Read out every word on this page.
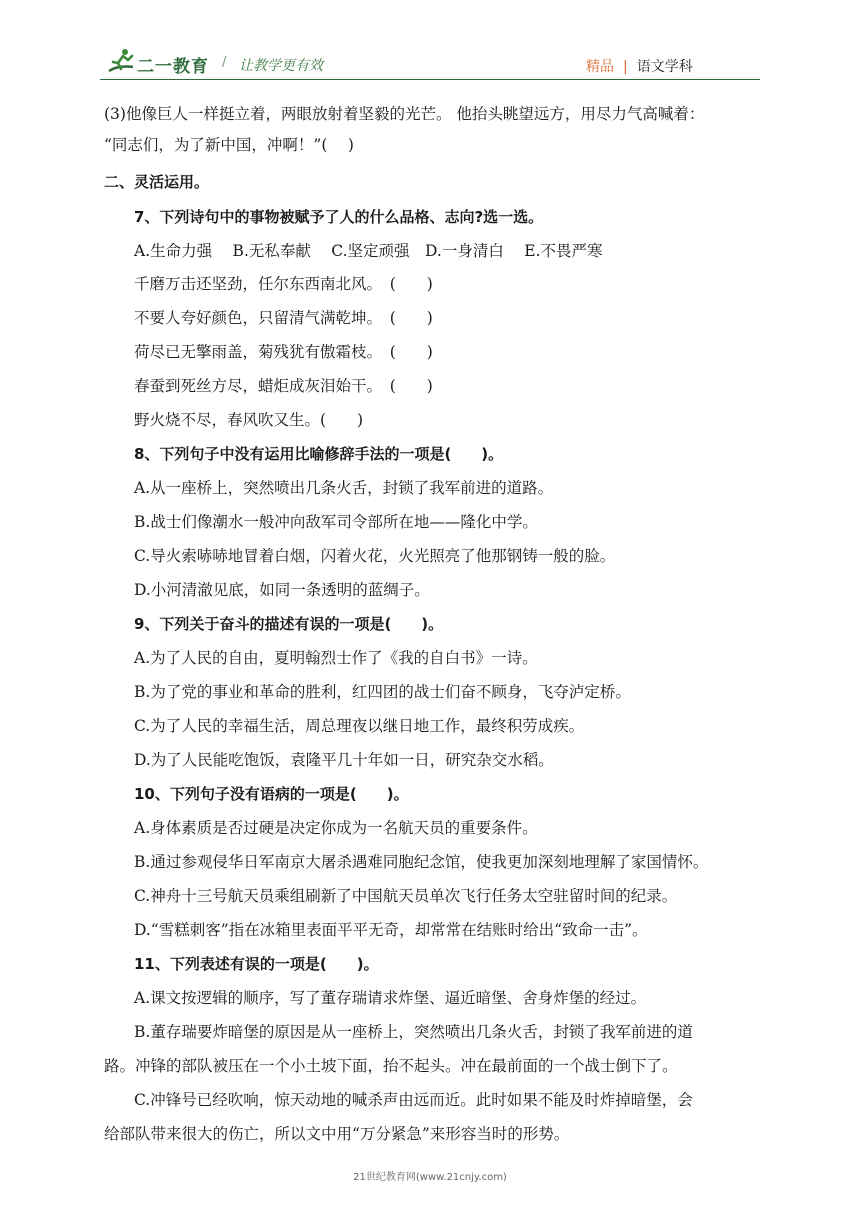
二一教育 / 让教学更有效	精品 | 语文学科
(3)他像巨人一样挺立着，两眼放射着坚毅的光芒。 他抬头眺望远方，用尽力气高喊着：
“同志们，为了新中国，冲啊！”(　 )
二、灵活运用。
7、下列诗句中的事物被赋予了人的什么品格、志向?选一选。
A.生命力强　 B.无私奉献　 C.坚定顽强　D.一身清白　 E.不畏严寒
千磨万击还坚劲，任尔东西南北风。　(　　)
不要人夸好颜色，只留清气满乾坤。　(　　)
荷尽已无擎雨盖，菊残犹有傲霜枝。　(　　)
春蚕到死丝方尽，蜡炬成灰泪始干。　(　　)
野火烧不尽，春风吹又生。(　　)
8、下列句子中没有运用比喻修辞手法的一项是(　　)。
A.从一座桥上，突然喷出几条火舌，封锁了我军前进的道路。
B.战士们像潮水一般冲向敌军司令部所在地——隆化中学。
C.导火索哧哧地冒着白烟，闪着火花，火光照亮了他那钢铸一般的脸。
D.小河清澈见底，如同一条透明的蓝绸子。
9、下列关于奋斗的描述有误的一项是(　　)。
A.为了人民的自由，夏明翰烈士作了《我的自白书》一诗。
B.为了党的事业和革命的胜利，红四团的战士们奋不顾身，飞夺泸定桥。
C.为了人民的幸福生活，周总理夜以继日地工作，最终积劳成疾。
D.为了人民能吃饱饭，袁隆平几十年如一日，研究杂交水稻。
10、下列句子没有语病的一项是(　　)。
A.身体素质是否过硬是决定你成为一名航天员的重要条件。
B.通过参观侵华日军南京大屠杀遇难同胞纪念馆，使我更加深刻地理解了家国情怀。
C.神舟十三号航天员乘组刷新了中国航天员单次飞行任务太空驻留时间的纪录。
D.“雪糕刺客”指在冰箱里表面平平无奇，却常常在结账时给出“致命一击”。
11、下列表述有误的一项是(　　)。
A.课文按逻辑的顺序，写了董存瑞请求炸堡、逼近暗堡、舍身炸堡的经过。
B.董存瑞要炸暗堡的原因是从一座桥上，突然喷出几条火舌，封锁了我军前进的道
路。冲锋的部队被压在一个小土坡下面，抬不起头。冲在最前面的一个战士倒下了。
C.冲锋号已经吹响，惊天动地的喊杀声由远而近。此时如果不能及时炸掉暗堡，会
给部队带来很大的伤亡，所以文中用“万分紧急”来形容当时的形势。
21世纪教育网(www.21cnjy.com)
